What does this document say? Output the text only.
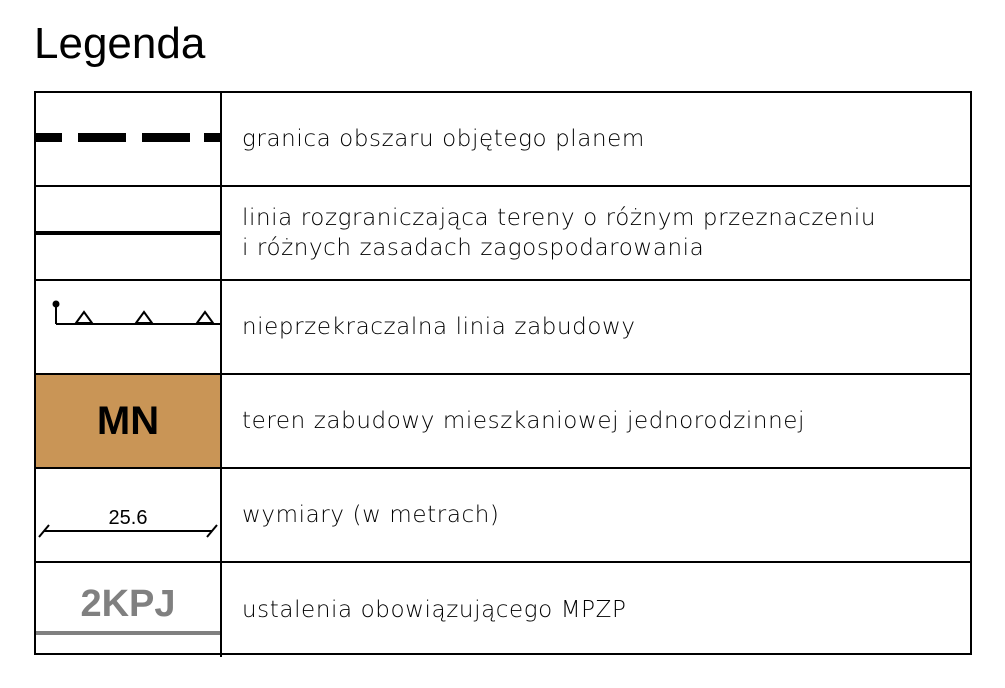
Legenda
granica obszaru objętego planem
linia rozgraniczająca tereny o różnym przeznaczeniu
i różnych zasadach zagospodarowania
nieprzekraczalna linia zabudowy
MN	teren zabudowy mieszkaniowej jednorodzinnej
25.6	wymiary (w metrach)
2KPJ	ustalenia obowiązującego MPZP
